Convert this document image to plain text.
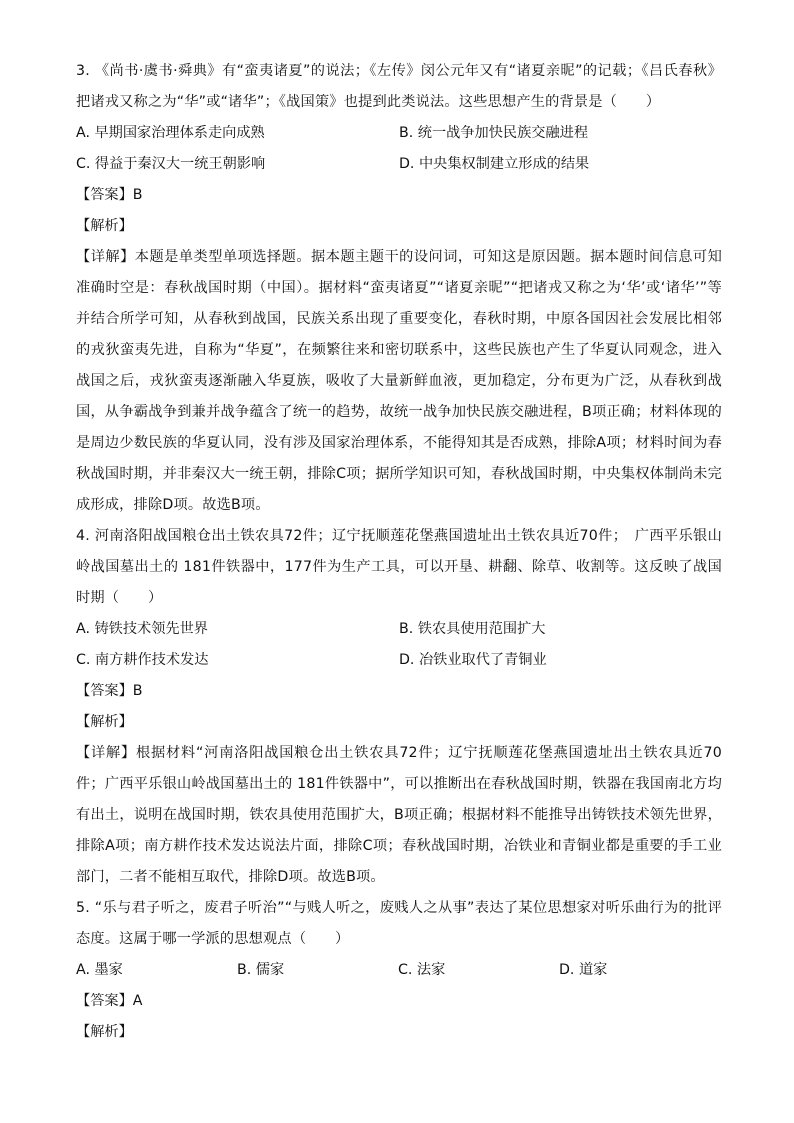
3. 《尚书·虞书·舜典》有“蛮夷诸夏”的说法；《左传》闵公元年又有“诸夏亲昵”的记载；《吕氏春秋》把诸戎又称之为“华”或“诸华”；《战国策》也提到此类说法。这些思想产生的背景是（　　）
A. 早期国家治理体系走向成熟	B. 统一战争加快民族交融进程
C. 得益于秦汉大一统王朝影响	D. 中央集权制建立形成的结果
【答案】B
【解析】
【详解】本题是单类型单项选择题。据本题主题干的设问词，可知这是原因题。据本题时间信息可知准确时空是：春秋战国时期（中国）。据材料“蛮夷诸夏”“诸夏亲昵”“把诸戎又称之为‘华’或‘诸华’”等并结合所学可知，从春秋到战国，民族关系出现了重要变化，春秋时期，中原各国因社会发展比相邻的戎狄蛮夷先进，自称为“华夏”，在频繁往来和密切联系中，这些民族也产生了华夏认同观念，进入战国之后，戎狄蛮夷逐渐融入华夏族，吸收了大量新鲜血液，更加稳定，分布更为广泛，从春秋到战国，从争霸战争到兼并战争蕴含了统一的趋势，故统一战争加快民族交融进程，B项正确；材料体现的是周边少数民族的华夏认同，没有涉及国家治理体系，不能得知其是否成熟，排除A项；材料时间为春秋战国时期，并非秦汉大一统王朝，排除C项；据所学知识可知，春秋战国时期，中央集权体制尚未完成形成，排除D项。故选B项。
4. 河南洛阳战国粮仓出土铁农具72件；辽宁抚顺莲花堡燕国遗址出土铁农具近70件；　广西平乐银山岭战国墓出土的 181件铁器中，177件为生产工具，可以开垦、耕翻、除草、收割等。这反映了战国时期（　　）
A. 铸铁技术领先世界	B. 铁农具使用范围扩大
C. 南方耕作技术发达	D. 冶铁业取代了青铜业
【答案】B
【解析】
【详解】根据材料“河南洛阳战国粮仓出土铁农具72件；辽宁抚顺莲花堡燕国遗址出土铁农具近70件；广西平乐银山岭战国墓出土的 181件铁器中”，可以推断出在春秋战国时期，铁器在我国南北方均有出土，说明在战国时期，铁农具使用范围扩大，B项正确；根据材料不能推导出铸铁技术领先世界，排除A项；南方耕作技术发达说法片面，排除C项；春秋战国时期，冶铁业和青铜业都是重要的手工业部门，二者不能相互取代，排除D项。故选B项。
5. “乐与君子听之，废君子听治”“与贱人听之，废贱人之从事”表达了某位思想家对听乐曲行为的批评态度。这属于哪一学派的思想观点（　　）
A. 墨家	B. 儒家	C. 法家	D. 道家
【答案】A
【解析】
